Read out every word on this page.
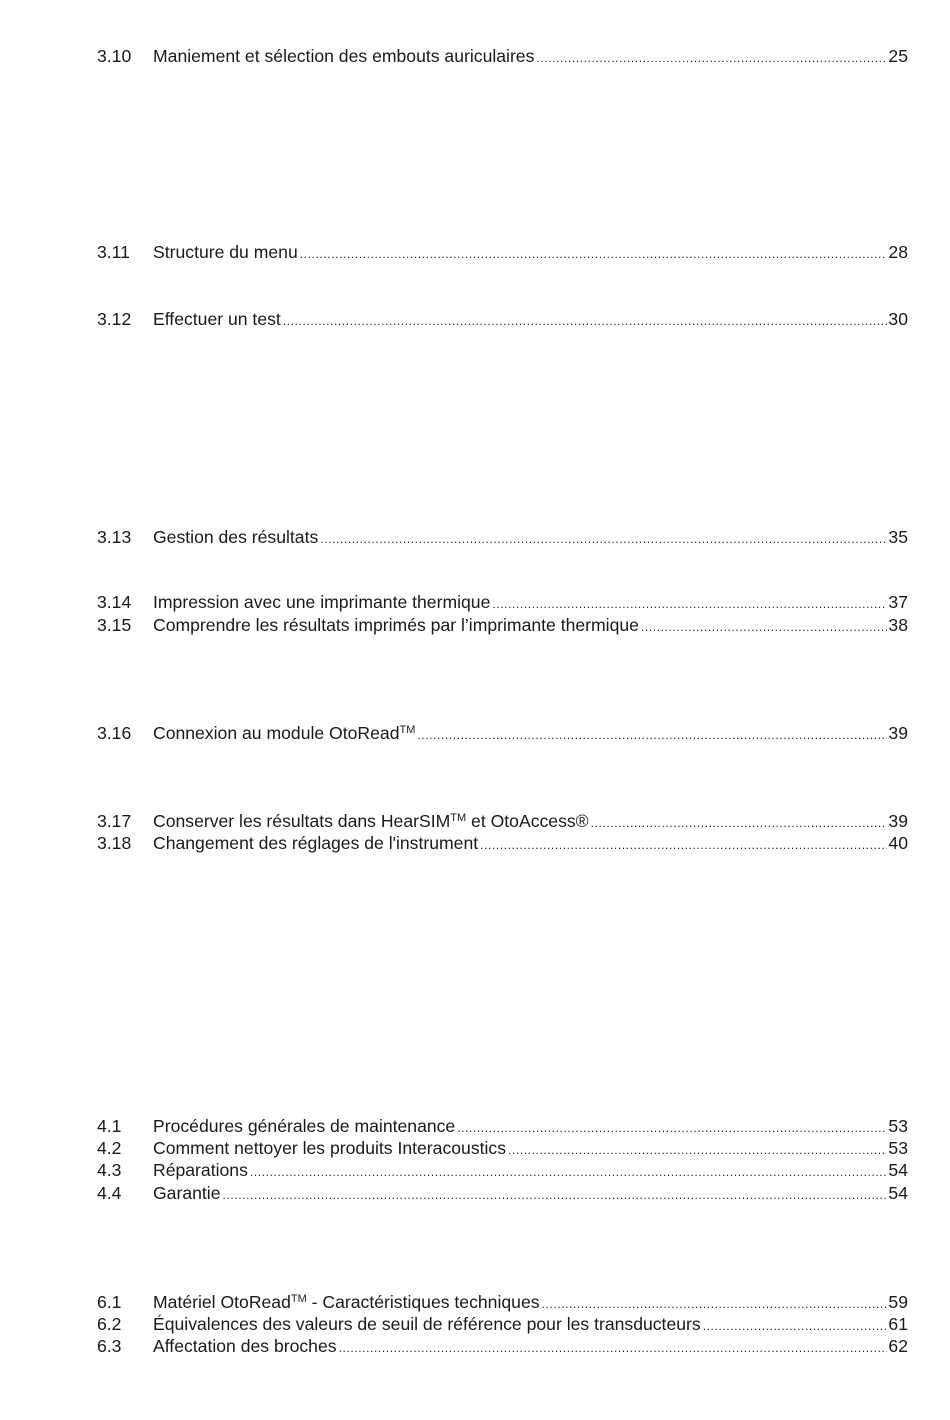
3.10	Maniement et sélection des embouts auriculaires .....	25
3.11	Structure du menu .....	28
3.12	Effectuer un test .....	30
3.13	Gestion des résultats .....	35
3.14	Impression avec une imprimante thermique .....	37
3.15	Comprendre les résultats imprimés par l’imprimante thermique .....	38
3.16	Connexion au module OtoRead™ .....	39
3.17	Conserver les résultats dans HearSIM™ et OtoAccess® .....	39
3.18	Changement des réglages de l'instrument .....	40
4.1	Procédures générales de maintenance .....	53
4.2	Comment nettoyer les produits Interacoustics .....	53
4.3	Réparations .....	54
4.4	Garantie .....	54
6.1	Matériel OtoRead™ - Caractéristiques techniques .....	59
6.2	Équivalences des valeurs de seuil de référence pour les transducteurs .....	61
6.3	Affectation des broches .....	62
